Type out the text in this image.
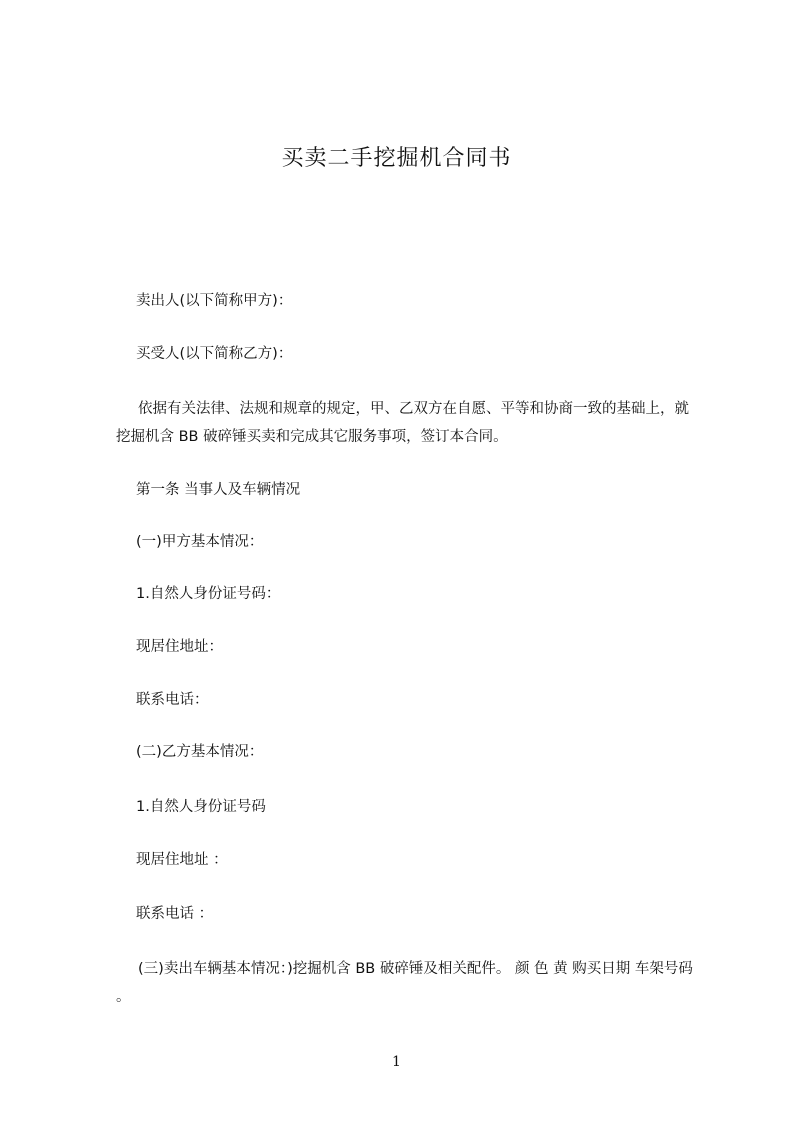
买卖二手挖掘机合同书

卖出人(以下简称甲方)：

买受人(以下简称乙方)：

依据有关法律、法规和规章的规定，甲、乙双方在自愿、平等和协商一致的基础上，就 挖掘机含 BB 破碎锤买卖和完成其它服务事项，签订本合同。

第一条 当事人及车辆情况

(一)甲方基本情况：

1.自然人身份证号码：

现居住地址：

联系电话：

(二)乙方基本情况：

1.自然人身份证号码

现居住地址 ：

联系电话 ：

(三)卖出车辆基本情况：)挖掘机含 BB 破碎锤及相关配件。 颜 色 黄 购买日期 车架号码 。

1
